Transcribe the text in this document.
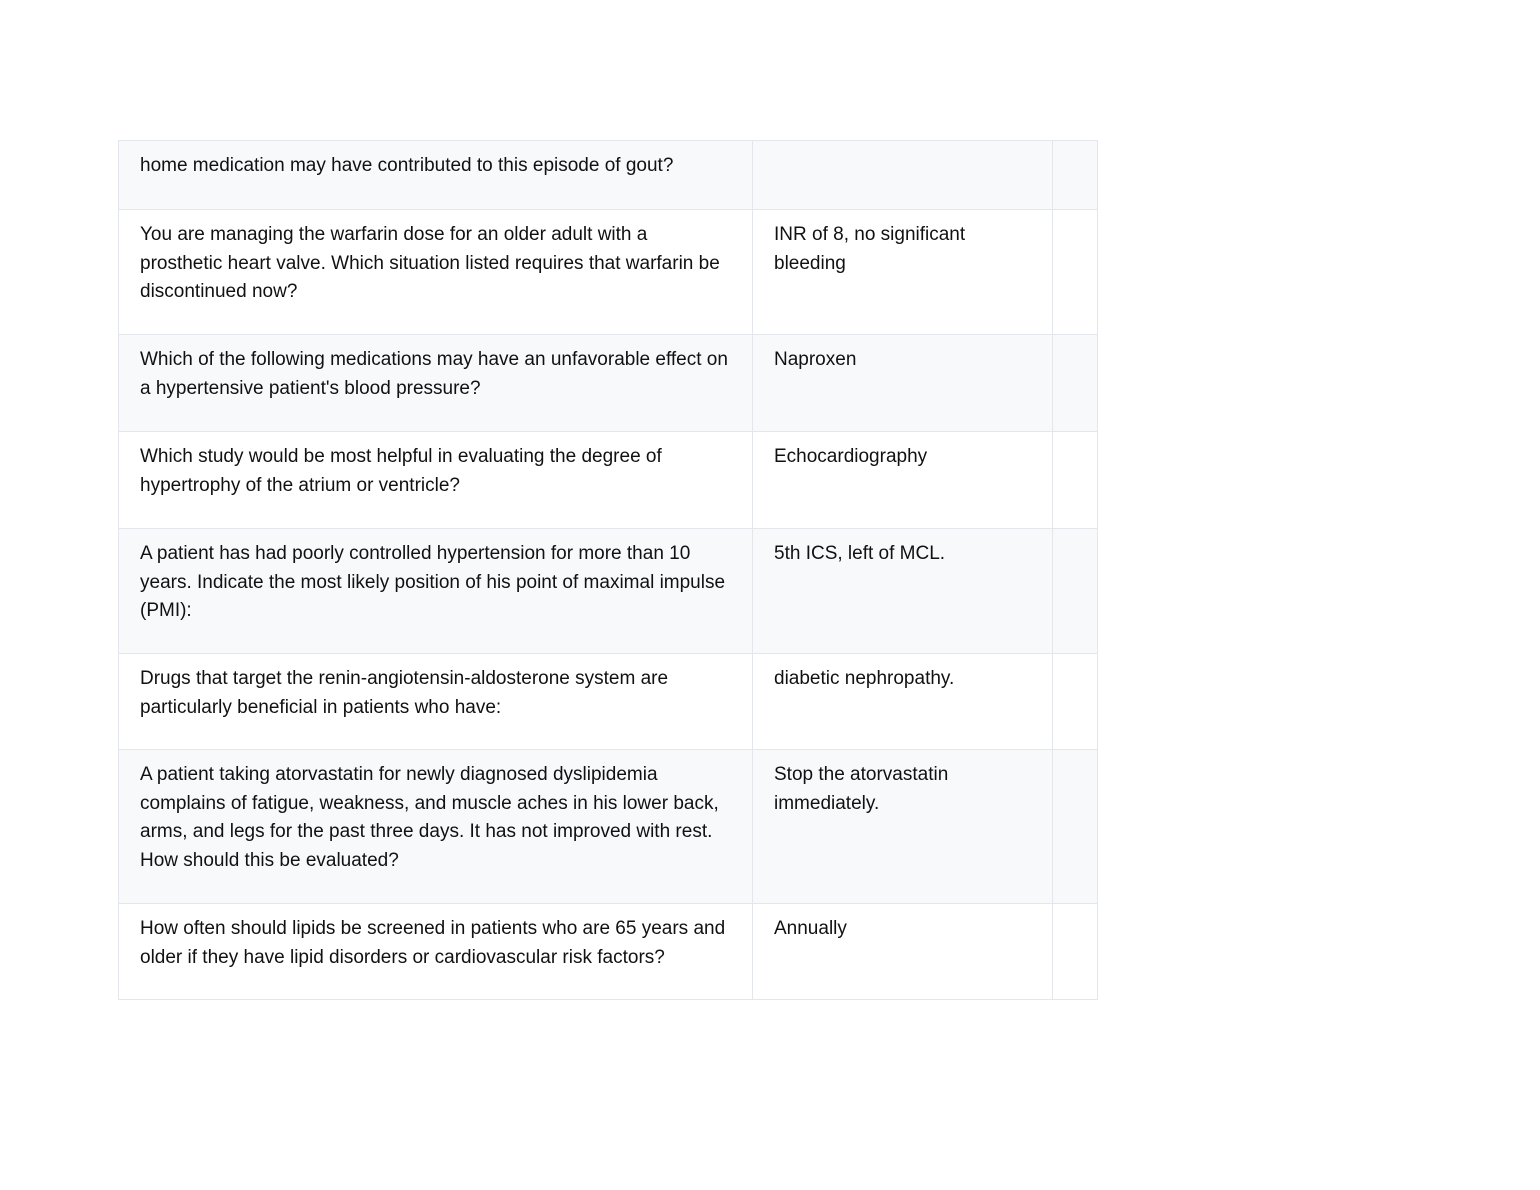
home medication may have contributed to this episode of gout?		
You are managing the warfarin dose for an older adult with a prosthetic heart valve. Which situation listed requires that warfarin be discontinued now?	INR of 8, no significant bleeding	
Which of the following medications may have an unfavorable effect on a hypertensive patient's blood pressure?	Naproxen	
Which study would be most helpful in evaluating the degree of hypertrophy of the atrium or ventricle?	Echocardiography	
A patient has had poorly controlled hypertension for more than 10 years. Indicate the most likely position of his point of maximal impulse (PMI):	5th ICS, left of MCL.	
Drugs that target the renin-angiotensin-aldosterone system are particularly beneficial in patients who have:	diabetic nephropathy.	
A patient taking atorvastatin for newly diagnosed dyslipidemia complains of fatigue, weakness, and muscle aches in his lower back, arms, and legs for the past three days. It has not improved with rest. How should this be evaluated?	Stop the atorvastatin immediately.	
How often should lipids be screened in patients who are 65 years and older if they have lipid disorders or cardiovascular risk factors?	Annually	
